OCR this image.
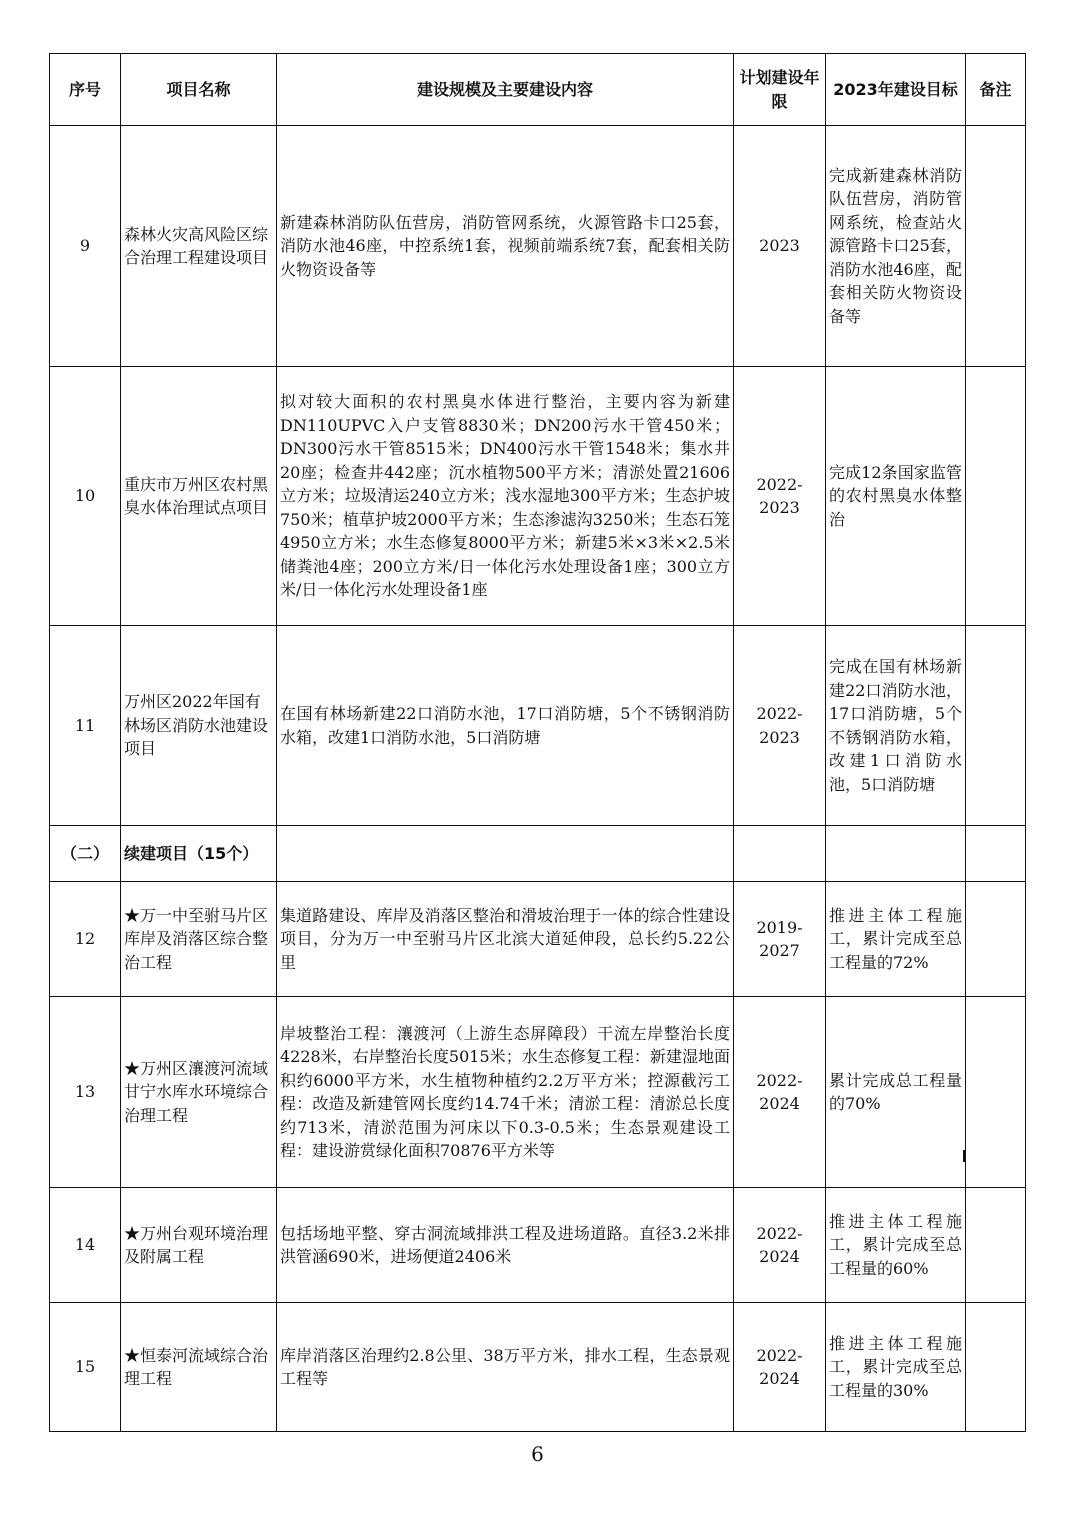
序号	项目名称	建设规模及主要建设内容	计划建设年限	2023年建设目标	备注
9	森林火灾高风险区综合治理工程建设项目	新建森林消防队伍营房，消防管网系统，火源管路卡口25套，消防水池46座，中控系统1套，视频前端系统7套，配套相关防火物资设备等	2023	完成新建森林消防队伍营房，消防管网系统，检查站火源管路卡口25套，消防水池46座，配套相关防火物资设备等	
10	重庆市万州区农村黑臭水体治理试点项目	拟对较大面积的农村黑臭水体进行整治，主要内容为新建DN110UPVC入户支管8830米；DN200污水干管450米；DN300污水干管8515米；DN400污水干管1548米；集水井20座；检查井442座；沉水植物500平方米；清淤处置21606立方米；垃圾清运240立方米；浅水湿地300平方米；生态护坡750米；植草护坡2000平方米；生态渗滤沟3250米；生态石笼4950立方米；水生态修复8000平方米；新建5米×3米×2.5米储粪池4座；200立方米/日一体化污水处理设备1座；300立方米/日一体化污水处理设备1座	2022-2023	完成12条国家监管的农村黑臭水体整治	
11	万州区2022年国有林场区消防水池建设项目	在国有林场新建22口消防水池，17口消防塘，5个不锈钢消防水箱，改建1口消防水池，5口消防塘	2022-2023	完成在国有林场新建22口消防水池，17口消防塘，5个不锈钢消防水箱，改建1口消防水池，5口消防塘	
（二）	续建项目（15个）				
12	★万一中至驸马片区库岸及消落区综合整治工程	集道路建设、库岸及消落区整治和滑坡治理于一体的综合性建设项目，分为万一中至驸马片区北滨大道延伸段，总长约5.22公里	2019-2027	推进主体工程施工，累计完成至总工程量的72%	
13	★万州区瀼渡河流域甘宁水库水环境综合治理工程	岸坡整治工程：瀼渡河（上游生态屏障段）干流左岸整治长度4228米，右岸整治长度5015米；水生态修复工程：新建湿地面积约6000平方米，水生植物种植约2.2万平方米；控源截污工程：改造及新建管网长度约14.74千米；清淤工程：清淤总长度约713米，清淤范围为河床以下0.3-0.5米；生态景观建设工程：建设游赏绿化面积70876平方米等	2022-2024	累计完成总工程量的70%	
14	★万州台观环境治理及附属工程	包括场地平整、穿古洞流域排洪工程及进场道路。直径3.2米排洪管涵690米，进场便道2406米	2022-2024	推进主体工程施工，累计完成至总工程量的60%	
15	★恒泰河流域综合治理工程	库岸消落区治理约2.8公里、38万平方米，排水工程，生态景观工程等	2022-2024	推进主体工程施工，累计完成至总工程量的30%	
6
